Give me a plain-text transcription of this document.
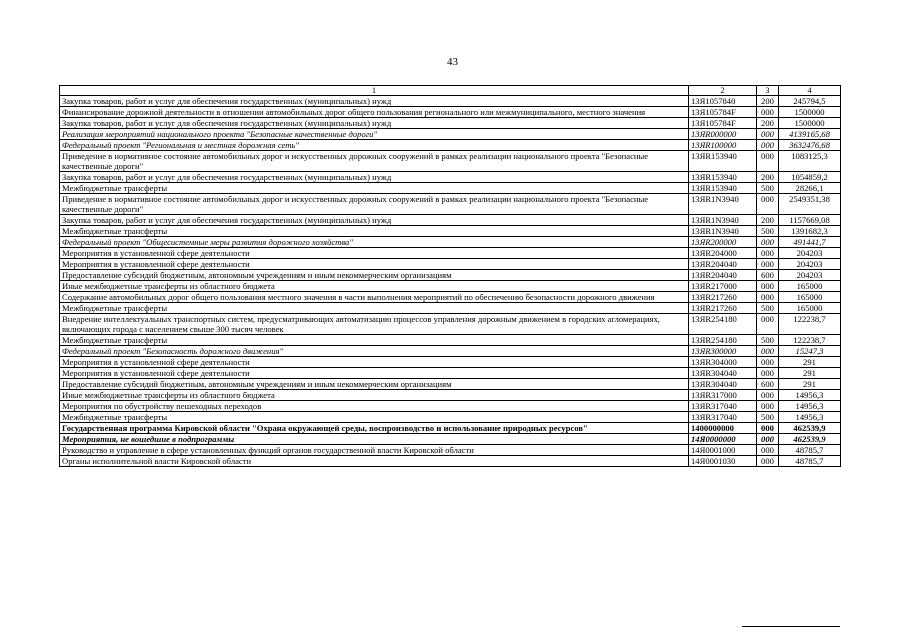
43
1	2	3	4
Закупка товаров, работ и услуг для обеспечения государственных (муниципальных) нужд	13Я1057840	200	245794,5
Финансирование дорожной деятельности в отношении автомобильных дорог общего пользования регионального или межмуниципального, местного значения	13Я105784F	000	1500000
Закупка товаров, работ и услуг для обеспечения государственных (муниципальных) нужд	13Я105784F	200	1500000
Реализация мероприятий национального проекта "Безопасные качественные дороги"	13ЯR000000	000	4139165,68
Федеральный проект "Региональная и местная дорожная сеть"	13ЯR100000	000	3632476,68
Приведение в нормативное состояние автомобильных дорог и искусственных дорожных сооружений в рамках реализации национального проекта "Безопасные качественные дороги"	13ЯR153940	000	1083125,3
Закупка товаров, работ и услуг для обеспечения государственных (муниципальных) нужд	13ЯR153940	200	1054859,2
Межбюджетные трансферты	13ЯR153940	500	28266,1
Приведение в нормативное состояние автомобильных дорог и искусственных дорожных сооружений в рамках реализации национального проекта "Безопасные качественные дороги"	13ЯR1N3940	000	2549351,38
Закупка товаров, работ и услуг для обеспечения государственных (муниципальных) нужд	13ЯR1N3940	200	1157669,08
Межбюджетные трансферты	13ЯR1N3940	500	1391682,3
Федеральный проект "Общесистемные меры развития дорожного хозяйства"	13ЯR200000	000	491441,7
Мероприятия в установленной сфере деятельности	13ЯR204000	000	204203
Мероприятия в установленной сфере деятельности	13ЯR204040	000	204203
Предоставление субсидий бюджетным, автономным учреждениям и иным некоммерческим организациям	13ЯR204040	600	204203
Иные межбюджетные трансферты из областного бюджета	13ЯR217000	000	165000
Содержание автомобильных дорог общего пользования местного значения в части выполнения мероприятий по обеспечению безопасности дорожного движения	13ЯR217260	000	165000
Межбюджетные трансферты	13ЯR217260	500	165000
Внедрение интеллектуальных транспортных систем, предусматривающих автоматизацию процессов управления дорожным движением в городских агломерациях, включающих города с населением свыше 300 тысяч человек	13ЯR254180	000	122238,7
Межбюджетные трансферты	13ЯR254180	500	122238,7
Федеральный проект "Безопасность дорожного движения"	13ЯR300000	000	15247,3
Мероприятия в установленной сфере деятельности	13ЯR304000	000	291
Мероприятия в установленной сфере деятельности	13ЯR304040	000	291
Предоставление субсидий бюджетным, автономным учреждениям и иным некоммерческим организациям	13ЯR304040	600	291
Иные межбюджетные трансферты из областного бюджета	13ЯR317000	000	14956,3
Мероприятия по обустройству пешеходных переходов	13ЯR317040	000	14956,3
Межбюджетные трансферты	13ЯR317040	500	14956,3
Государственная программа Кировской области "Охрана окружающей среды, воспроизводство и использование природных ресурсов"	1400000000	000	462539,9
Мероприятия, не вошедшие в подпрограммы	14Я0000000	000	462539,9
Руководство и управление в сфере установленных функций органов государственной власти Кировской области	14Я0001000	000	48785,7
Органы исполнительной власти Кировской области	14Я0001030	000	48785,7
